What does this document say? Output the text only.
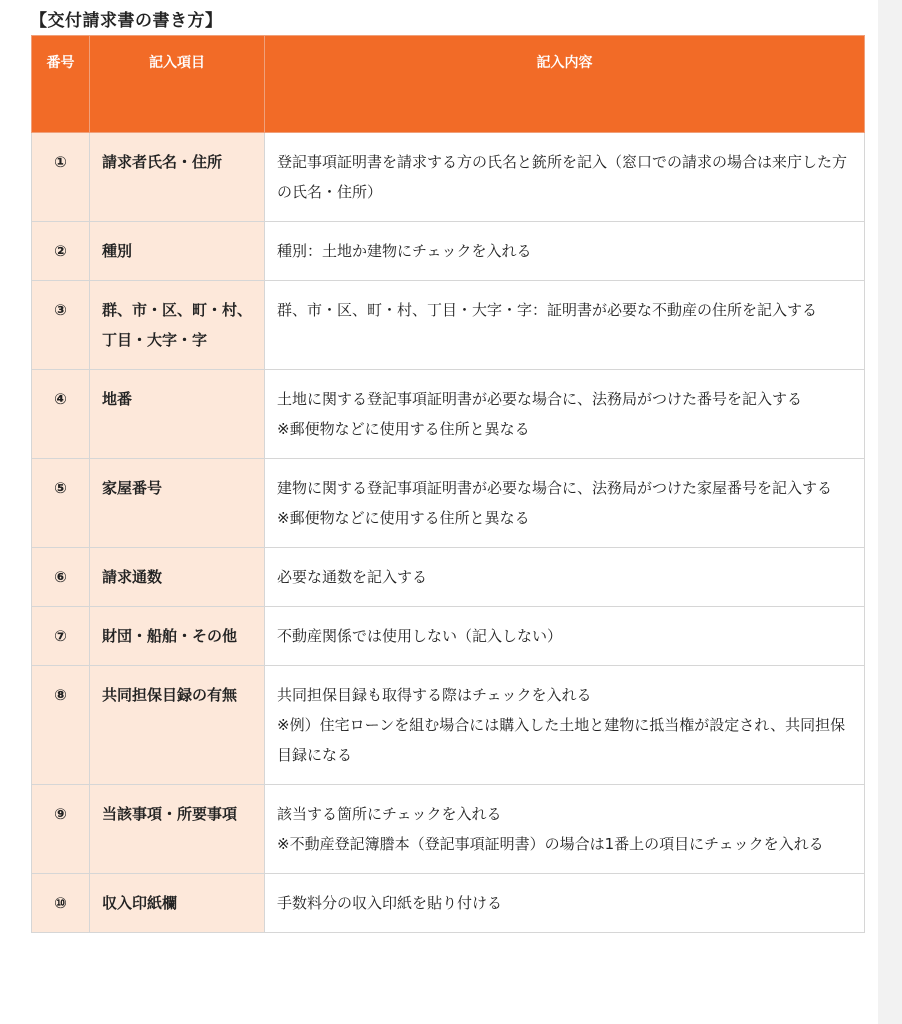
【交付請求書の書き方】
番号	記入項目	記入内容
①	請求者氏名・住所	登記事項証明書を請求する方の氏名と銃所を記入（窓口での請求の場合は来庁した方の氏名・住所）

②	種別	種別：土地か建物にチェックを入れる

③	群、市・区、町・村、
丁目・大字・字	群、市・区、町・村、丁目・大字・字：証明書が必要な不動産の住所を記入する

④	地番	土地に関する登記事項証明書が必要な場合に、法務局がつけた番号を記入する
※郵便物などに使用する住所と異なる

⑤	家屋番号	建物に関する登記事項証明書が必要な場合に、法務局がつけた家屋番号を記入する
※郵便物などに使用する住所と異なる

⑥	請求通数	必要な通数を記入する

⑦	財団・船舶・その他	不動産関係では使用しない（記入しない）

⑧	共同担保目録の有無	共同担保目録も取得する際はチェックを入れる
※例）住宅ローンを組む場合には購入した土地と建物に抵当権が設定され、共同担保目録になる

⑨	当該事項・所要事項	該当する箇所にチェックを入れる
※不動産登記簿謄本（登記事項証明書）の場合は1番上の項目にチェックを入れる

⑩	収入印紙欄	手数料分の収入印紙を貼り付ける
